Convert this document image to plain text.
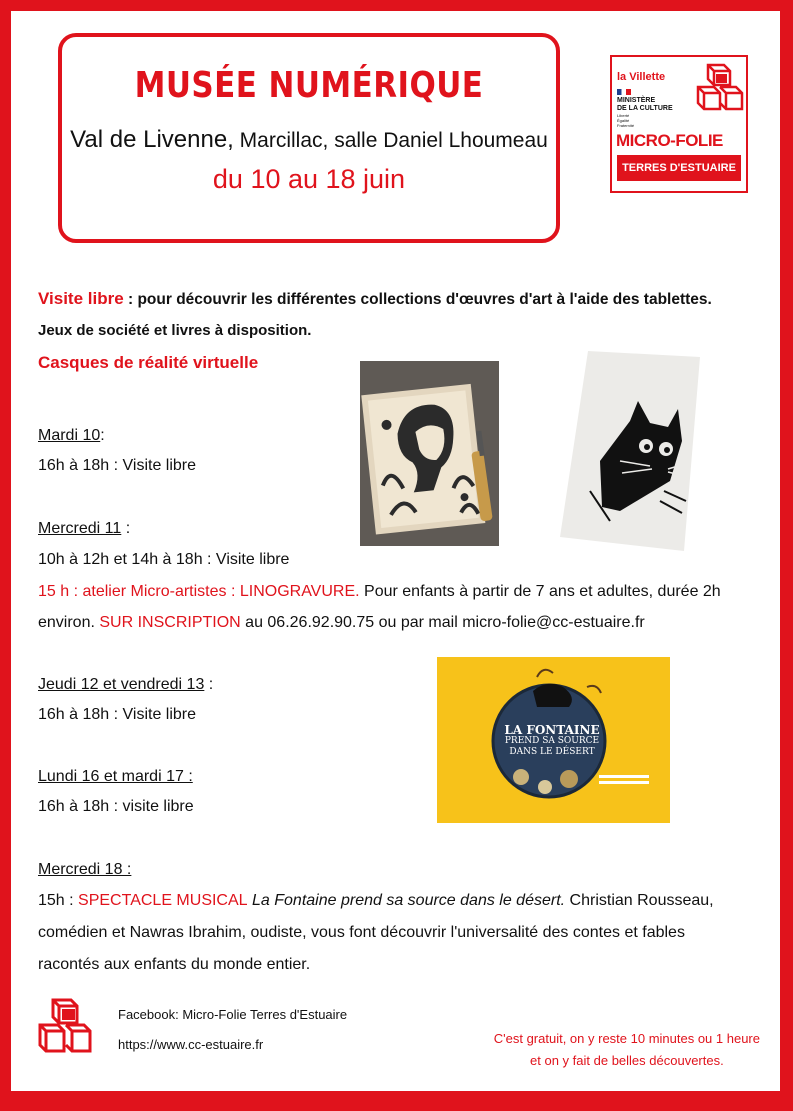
MUSÉE NUMÉRIQUE
Val de Livenne, Marcillac, salle Daniel Lhoumeau
du 10 au 18 juin
la Villette
MINISTÈRE
DE LA CULTURE
Liberté
Égalité
Fraternité
MICRO-FOLIE
TERRES D'ESTUAIRE
Visite libre : pour découvrir les différentes collections d'œuvres d'art à l'aide des tablettes.
Jeux de société et livres à disposition.
Casques de réalité virtuelle
Mardi 10:
16h à 18h : Visite libre
Mercredi 11 :
10h à 12h et 14h à 18h : Visite libre
15 h : atelier Micro-artistes : LINOGRAVURE. Pour enfants à partir de 7 ans et adultes, durée 2h
environ. SUR INSCRIPTION au 06.26.92.90.75 ou par mail micro-folie@cc-estuaire.fr
Jeudi 12 et vendredi 13 :
16h à 18h : Visite libre
Lundi 16 et mardi 17 :
16h à 18h : visite libre
Mercredi 18 :
15h : SPECTACLE MUSICAL La Fontaine prend sa source dans le désert. Christian Rousseau,
comédien et Nawras Ibrahim, oudiste, vous font découvrir l'universalité des contes et fables
racontés aux enfants du monde entier.
LA FONTAINE
PREND SA SOURCE
DANS LE DÉSERT
Facebook: Micro-Folie Terres d'Estuaire
https://www.cc-estuaire.fr	C'est gratuit, on y reste 10 minutes ou 1 heure
et on y fait de belles découvertes.
